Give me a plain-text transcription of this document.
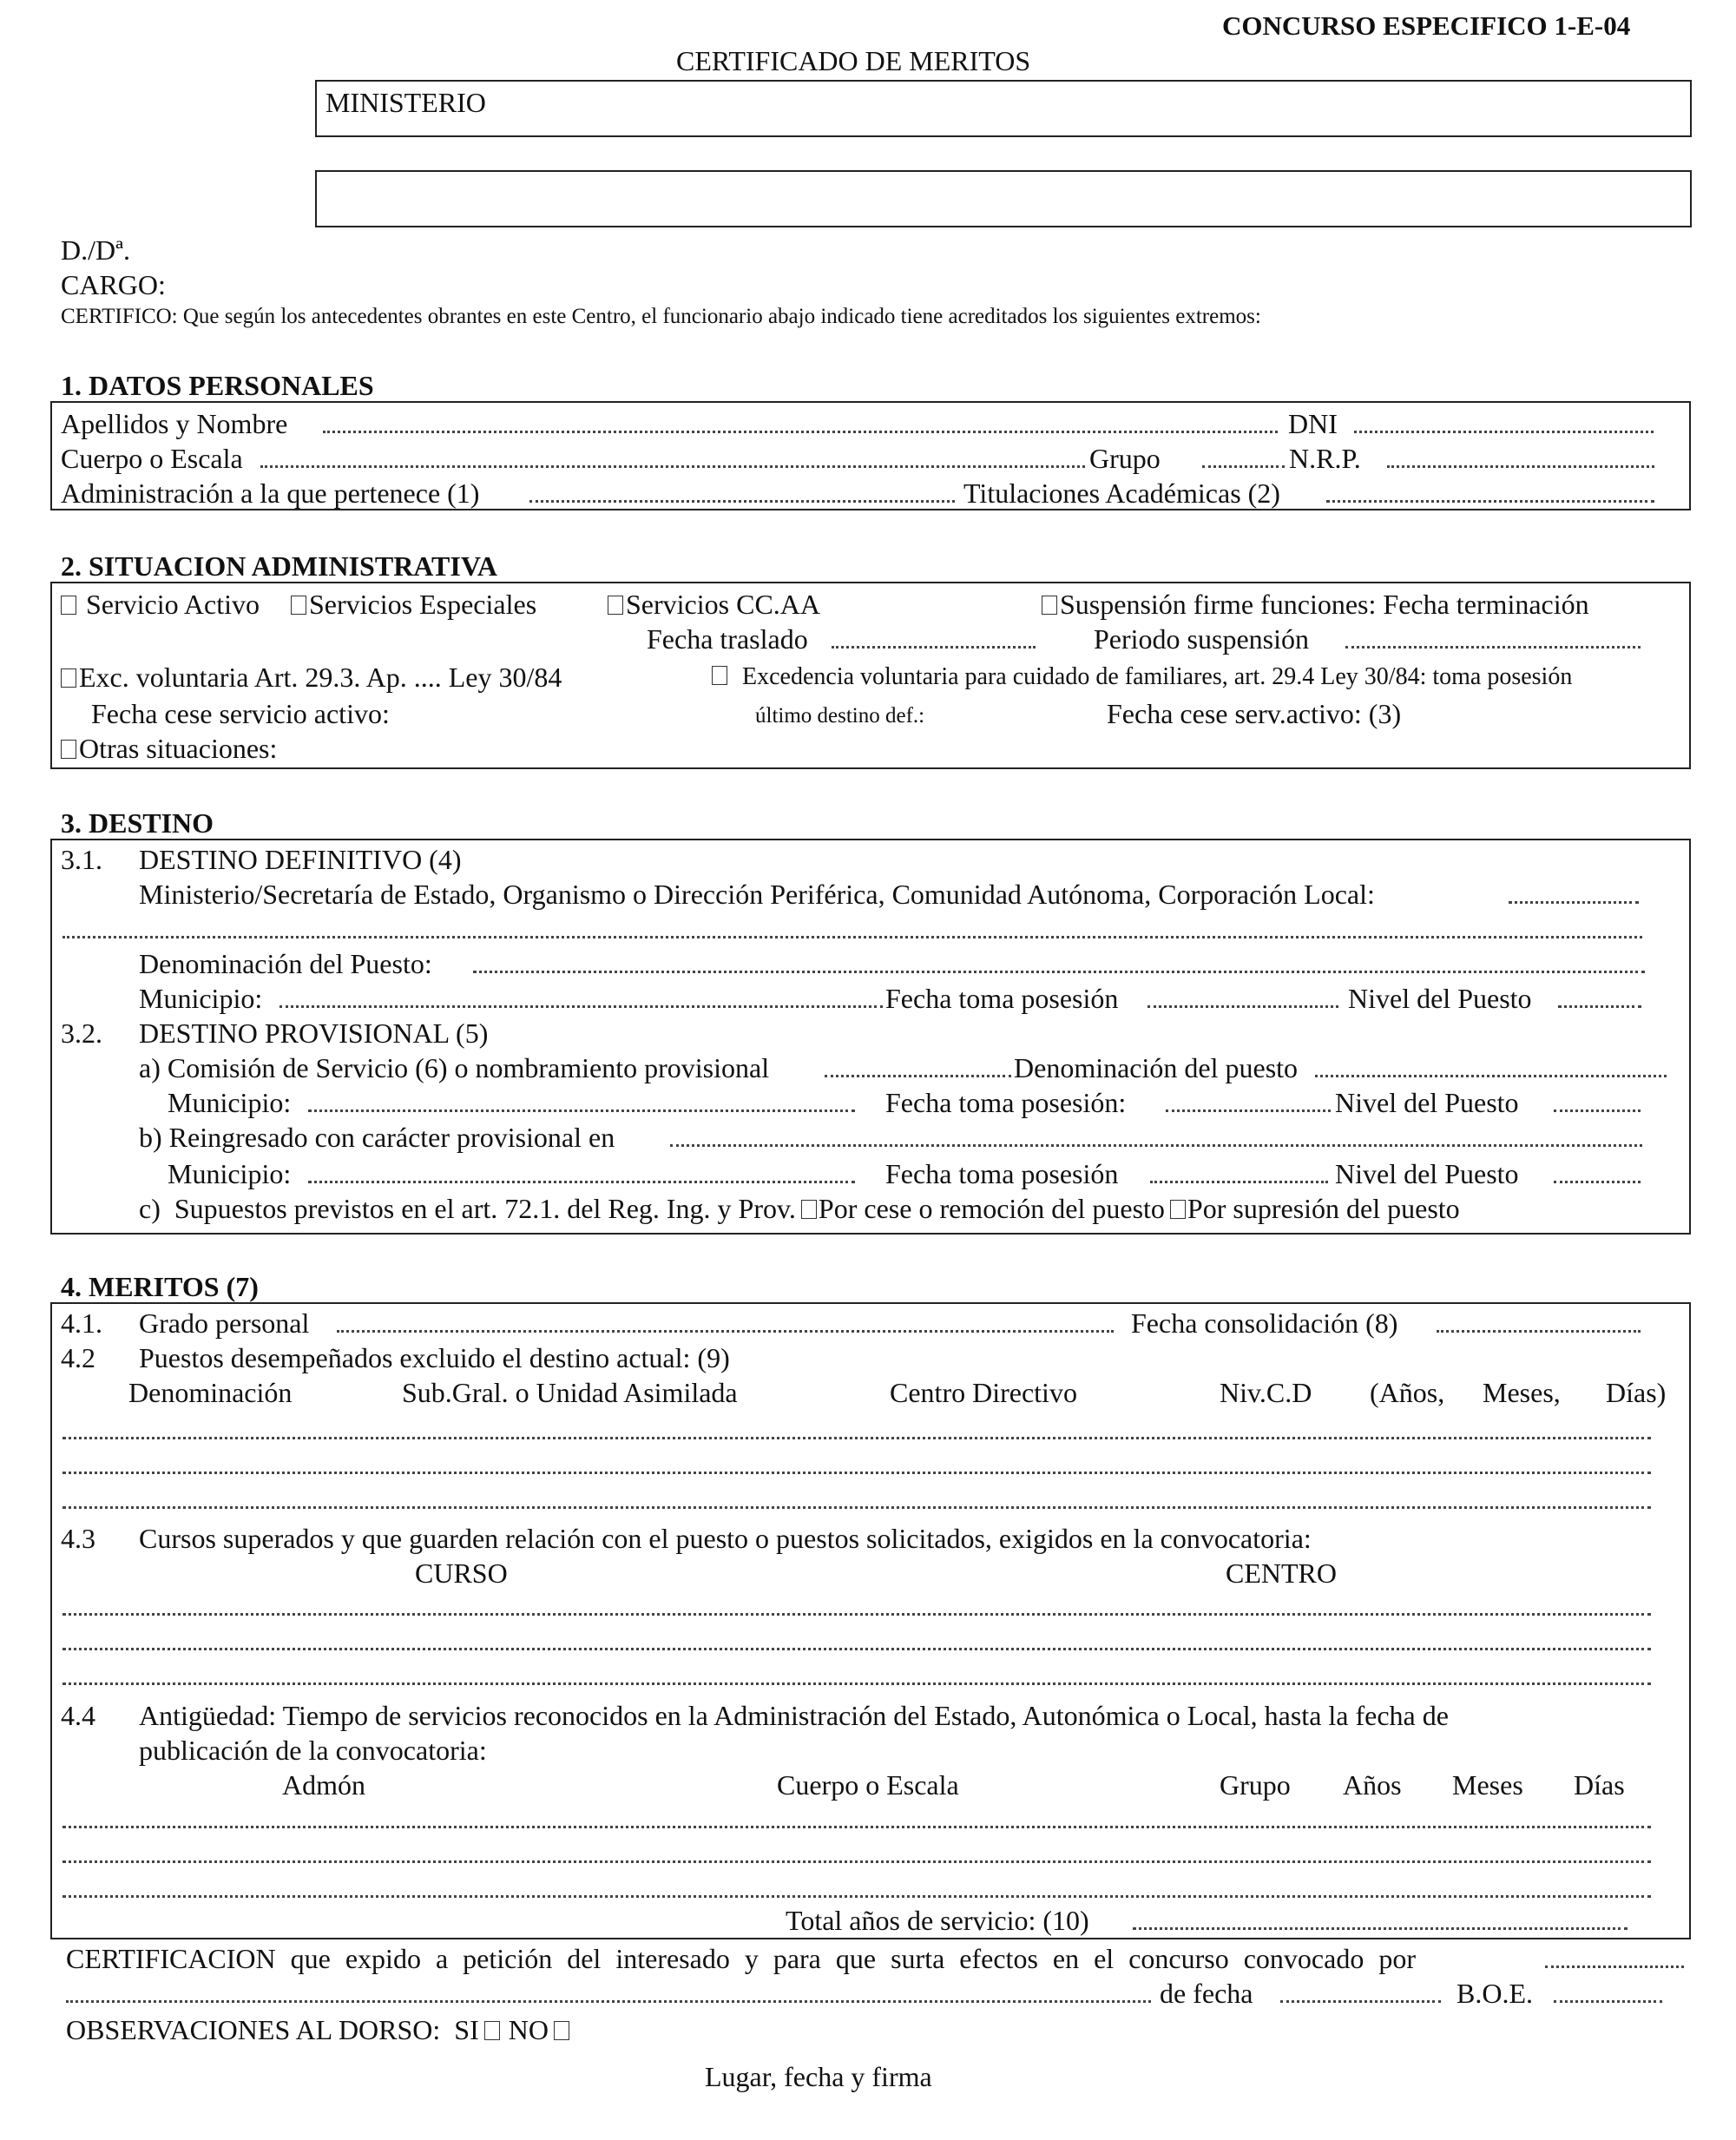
CONCURSO ESPECIFICO 1-E-04
CERTIFICADO DE MERITOS
MINISTERIO
D./Dª.
CARGO:
CERTIFICO: Que según los antecedentes obrantes en este Centro, el funcionario abajo indicado tiene acreditados los siguientes extremos:
1. DATOS PERSONALES
Apellidos y Nombre	DNI
Cuerpo o Escala	Grupo	N.R.P.
Administración a la que pertenece (1)	Titulaciones Académicas (2)
2. SITUACION ADMINISTRATIVA
Servicio Activo	Servicios Especiales	Servicios CC.AA	Suspensión firme funciones: Fecha terminación
Fecha traslado	Periodo suspensión
Exc. voluntaria Art. 29.3. Ap. .... Ley 30/84	Excedencia voluntaria para cuidado de familiares, art. 29.4 Ley 30/84: toma posesión
Fecha cese servicio activo:	último destino def.:	Fecha cese serv.activo: (3)
Otras situaciones:
3. DESTINO
3.1. DESTINO DEFINITIVO (4)
Ministerio/Secretaría de Estado, Organismo o Dirección Periférica, Comunidad Autónoma, Corporación Local:
Denominación del Puesto:
Municipio:	Fecha toma posesión	Nivel del Puesto
3.2. DESTINO PROVISIONAL (5)
a) Comisión de Servicio (6) o nombramiento provisional	Denominación del puesto
Municipio:	Fecha toma posesión:	Nivel del Puesto
b) Reingresado con carácter provisional en
Municipio:	Fecha toma posesión	Nivel del Puesto
c)  Supuestos previstos en el art. 72.1. del Reg. Ing. y Prov. Por cese o remoción del puesto Por supresión del puesto
4. MERITOS (7)
4.1. Grado personal	Fecha consolidación (8)
4.2 Puestos desempeñados excluido el destino actual: (9)
Denominación	Sub.Gral. o Unidad Asimilada	Centro Directivo	Niv.C.D (Años, Meses, Días)
4.3 Cursos superados y que guarden relación con el puesto o puestos solicitados, exigidos en la convocatoria:
CURSO	CENTRO
4.4 Antigüedad: Tiempo de servicios reconocidos en la Administración del Estado, Autonómica o Local, hasta la fecha de
publicación de la convocatoria:
Admón	Cuerpo o Escala	Grupo Años Meses Días
Total años de servicio: (10)
CERTIFICACION que expido a petición del interesado y para que surta efectos en el concurso convocado por
de fecha	B.O.E.
OBSERVACIONES AL DORSO:  SI NO
Lugar, fecha y firma
